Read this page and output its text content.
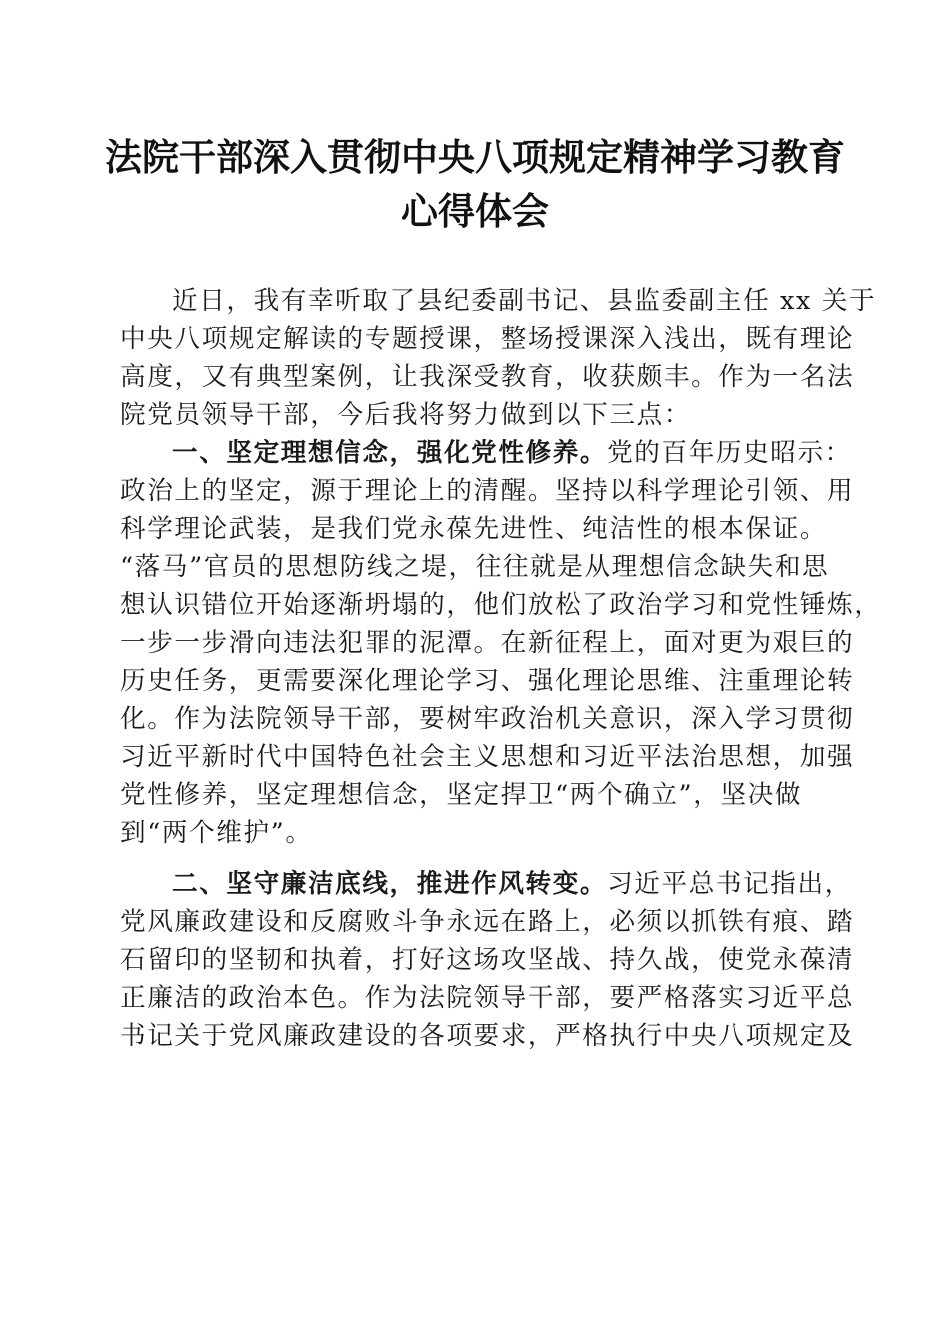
法院干部深入贯彻中央八项规定精神学习教育
心得体会
近日，我有幸听取了县纪委副书记、县监委副主任 xx 关于
中央八项规定解读的专题授课，整场授课深入浅出，既有理论
高度，又有典型案例，让我深受教育，收获颇丰。作为一名法
院党员领导干部，今后我将努力做到以下三点：
一、坚定理想信念，强化党性修养。党的百年历史昭示：
政治上的坚定，源于理论上的清醒。坚持以科学理论引领、用
科学理论武装，是我们党永葆先进性、纯洁性的根本保证。
“落马”官员的思想防线之堤，往往就是从理想信念缺失和思
想认识错位开始逐渐坍塌的，他们放松了政治学习和党性锤炼，
一步一步滑向违法犯罪的泥潭。在新征程上，面对更为艰巨的
历史任务，更需要深化理论学习、强化理论思维、注重理论转
化。作为法院领导干部，要树牢政治机关意识，深入学习贯彻
习近平新时代中国特色社会主义思想和习近平法治思想，加强
党性修养，坚定理想信念，坚定捍卫“两个确立”，坚决做
到“两个维护”。
二、坚守廉洁底线，推进作风转变。习近平总书记指出，
党风廉政建设和反腐败斗争永远在路上，必须以抓铁有痕、踏
石留印的坚韧和执着，打好这场攻坚战、持久战，使党永葆清
正廉洁的政治本色。作为法院领导干部，要严格落实习近平总
书记关于党风廉政建设的各项要求，严格执行中央八项规定及
